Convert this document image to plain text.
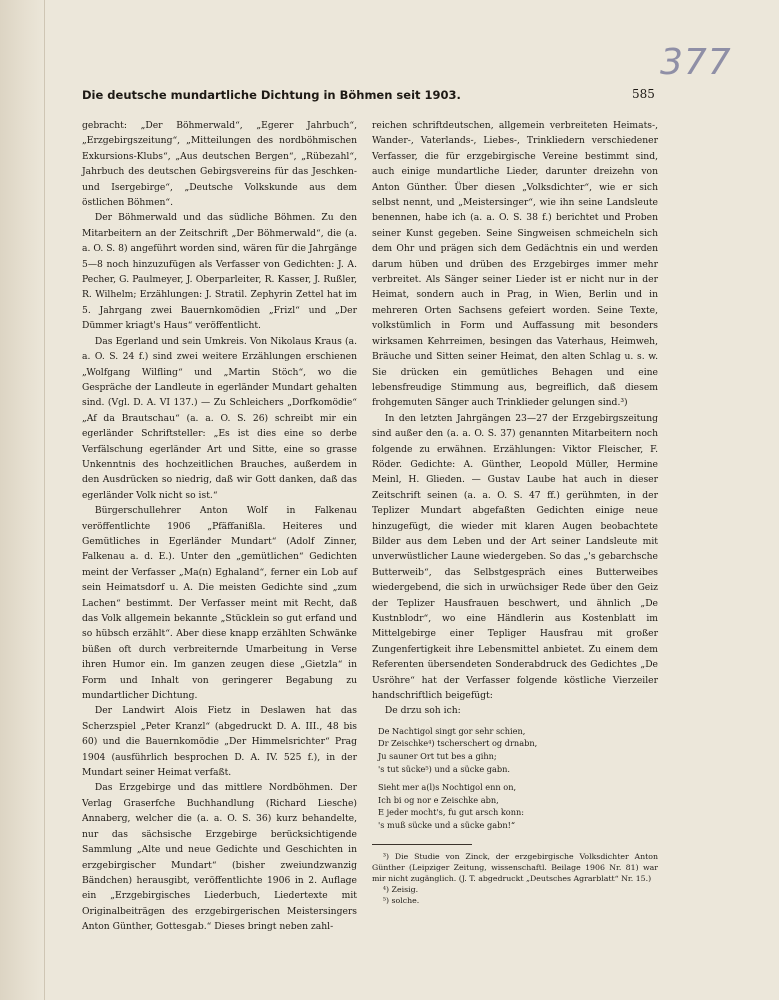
377
Die deutsche mundartliche Dichtung in Böhmen seit 1903.	585

gebracht: „Der Böhmerwald“, „Egerer Jahrbuch“, „Erzgebirgszeitung“, „Mitteilungen des nordböhmischen Exkursions-Klubs“, „Aus deutschen Bergen“, „Rübezahl“, Jahrbuch des deutschen Gebirgsvereins für das Jeschken- und Isergebirge“, „Deutsche Volkskunde aus dem östlichen Böhmen“.

Der Böhmerwald und das südliche Böhmen. Zu den Mitarbeitern an der Zeitschrift „Der Böhmerwald“, die (a. a. O. S. 8) angeführt worden sind, wären für die Jahrgänge 5—8 noch hinzuzufügen als Verfasser von Gedichten: J. A. Pecher, G. Paulmeyer, J. Oberparleiter, R. Kasser, J. Rußler, R. Wilhelm; Erzählungen: J. Stratil. Zephyrin Zettel hat im 5. Jahrgang zwei Bauernkomödien „Frizl“ und „Der Dümmer kriagt's Haus“ veröffentlicht.

Das Egerland und sein Umkreis. Von Nikolaus Kraus (a. a. O. S. 24 f.) sind zwei weitere Erzählungen erschienen „Wolfgang Wilfling“ und „Martin Stöch“, wo die Gespräche der Landleute in egerländer Mundart gehalten sind. (Vgl. D. A. VI 137.) — Zu Schleichers „Dorfkomödie“ „Af da Brautschau“ (a. a. O. S. 26) schreibt mir ein egerländer Schriftsteller: „Es ist dies eine so derbe Verfälschung egerländer Art und Sitte, eine so grasse Unkenntnis des hochzeitlichen Brauches, außerdem in den Ausdrücken so niedrig, daß wir Gott danken, daß das egerländer Volk nicht so ist.“

Bürgerschullehrer Anton Wolf in Falkenau veröffentlichte 1906 „Pfäffanißla. Heiteres und Gemütliches in Egerländer Mundart“ (Adolf Zinner, Falkenau a. d. E.). Unter den „gemütlichen“ Gedichten meint der Verfasser „Ma(n) Eghaland“, ferner ein Lob auf sein Heimatsdorf u. A. Die meisten Gedichte sind „zum Lachen“ bestimmt. Der Verfasser meint mit Recht, daß das Volk allgemein bekannte „Stücklein so gut erfand und so hübsch erzählt“. Aber diese knapp erzählten Schwänke büßen oft durch verbreiternde Umarbeitung in Verse ihren Humor ein. Im ganzen zeugen diese „Gietzla“ in Form und Inhalt von geringerer Begabung zu mundartlicher Dichtung.

Der Landwirt Alois Fietz in Deslawen hat das Scherzspiel „Peter Kranzl“ (abgedruckt D. A. III., 48 bis 60) und die Bauernkomödie „Der Himmelsrichter“ Prag 1904 (ausführlich besprochen D. A. IV. 525 f.), in der Mundart seiner Heimat verfaßt.

Das Erzgebirge und das mittlere Nordböhmen. Der Verlag Graserfche Buchhandlung (Richard Liesche) Annaberg, welcher die (a. a. O. S. 36) kurz behandelte, nur das sächsische Erzgebirge berücksichtigende Sammlung „Alte und neue Gedichte und Geschichten in erzgebirgischer Mundart“ (bisher zweiundzwanzig Bändchen) herausgibt, veröffentlichte 1906 in 2. Auflage ein „Erzgebirgisches Liederbuch, Liedertexte mit Originalbeiträgen des erzgebirgerischen Meistersingers Anton Günther, Gottesgab.“ Dieses bringt neben zahl-

reichen schriftdeutschen, allgemein verbreiteten Heimats-, Wander-, Vaterlands-, Liebes-, Trinkliedern verschiedener Verfasser, die für erzgebirgische Vereine bestimmt sind, auch einige mundartliche Lieder, darunter dreizehn von Anton Günther. Über diesen „Volksdichter“, wie er sich selbst nennt, und „Meistersinger“, wie ihn seine Landsleute benennen, habe ich (a. a. O. S. 38 f.) berichtet und Proben seiner Kunst gegeben. Seine Singweisen schmeicheln sich dem Ohr und prägen sich dem Gedächtnis ein und werden darum hüben und drüben des Erzgebirges immer mehr verbreitet. Als Sänger seiner Lieder ist er nicht nur in der Heimat, sondern auch in Prag, in Wien, Berlin und in mehreren Orten Sachsens gefeiert worden. Seine Texte, volkstümlich in Form und Auffassung mit besonders wirksamen Kehrreimen, besingen das Vaterhaus, Heimweh, Bräuche und Sitten seiner Heimat, den alten Schlag u. s. w. Sie drücken ein gemütliches Behagen und eine lebensfreudige Stimmung aus, begreiflich, daß diesem frohgemuten Sänger auch Trinklieder gelungen sind.³)

In den letzten Jahrgängen 23—27 der Erzgebirgszeitung sind außer den (a. a. O. S. 37) genannten Mitarbeitern noch folgende zu erwähnen. Erzählungen: Viktor Fleischer, F. Röder. Gedichte: A. Günther, Leopold Müller, Hermine Meinl, H. Glieden. — Gustav Laube hat auch in dieser Zeitschrift seinen (a. a. O. S. 47 ff.) gerühmten, in der Teplizer Mundart abgefaßten Gedichten einige neue hinzugefügt, die wieder mit klaren Augen beobachtete Bilder aus dem Leben und der Art seiner Landsleute mit unverwüstlicher Laune wiedergeben. So das „'s gebarchsche Butterweib“, das Selbstgespräch eines Butterweibes wiedergebend, die sich in urwüchsiger Rede über den Geiz der Teplizer Hausfrauen beschwert, und ähnlich „De Kustnblodr“, wo eine Händlerin aus Kostenblatt im Mittelgebirge einer Tepliger Hausfrau mit großer Zungenfertigkeit ihre Lebensmittel anbietet. Zu einem dem Referenten übersendeten Sonderabdruck des Gedichtes „De Usröhre“ hat der Verfasser folgende köstliche Vierzeiler handschriftlich beigefügt:

De drzu soh ich:

De Nachtigol singt gor sehr schien,
Dr Zeischke⁴) tscherschert og drnabn,
Ju sauner Ort tut bes a gihn;
's tut sücke⁵) und a sücke gabn.
Sieht mer a(l)s Nochtigol enn on,
Ich bi og nor e Zeischke abn,
E jeder mocht's, fu gut arsch konn:
's muß sücke und a sücke gabn!“

³) Die Studie von Zinck, der erzgebirgische Volksdichter Anton Günther (Leipziger Zeitung, wissenschaftl. Beilage 1906 Nr. 81) war mir nicht zugänglich. (J. T. abgedruckt „Deutsches Agrarblatt“ Nr. 15.)

⁴) Zeisig.

⁵) solche.
